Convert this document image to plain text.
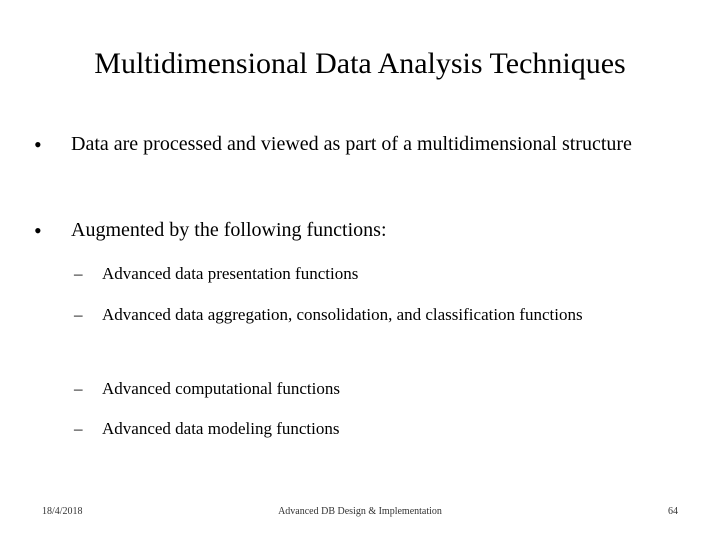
Multidimensional Data Analysis Techniques
• Data are processed and viewed as part of a multidimensional structure
• Augmented by the following functions:
– Advanced data presentation functions
– Advanced data aggregation, consolidation, and classification functions
– Advanced computational functions
– Advanced data modeling functions
18/4/2018	Advanced DB Design & Implementation	64
